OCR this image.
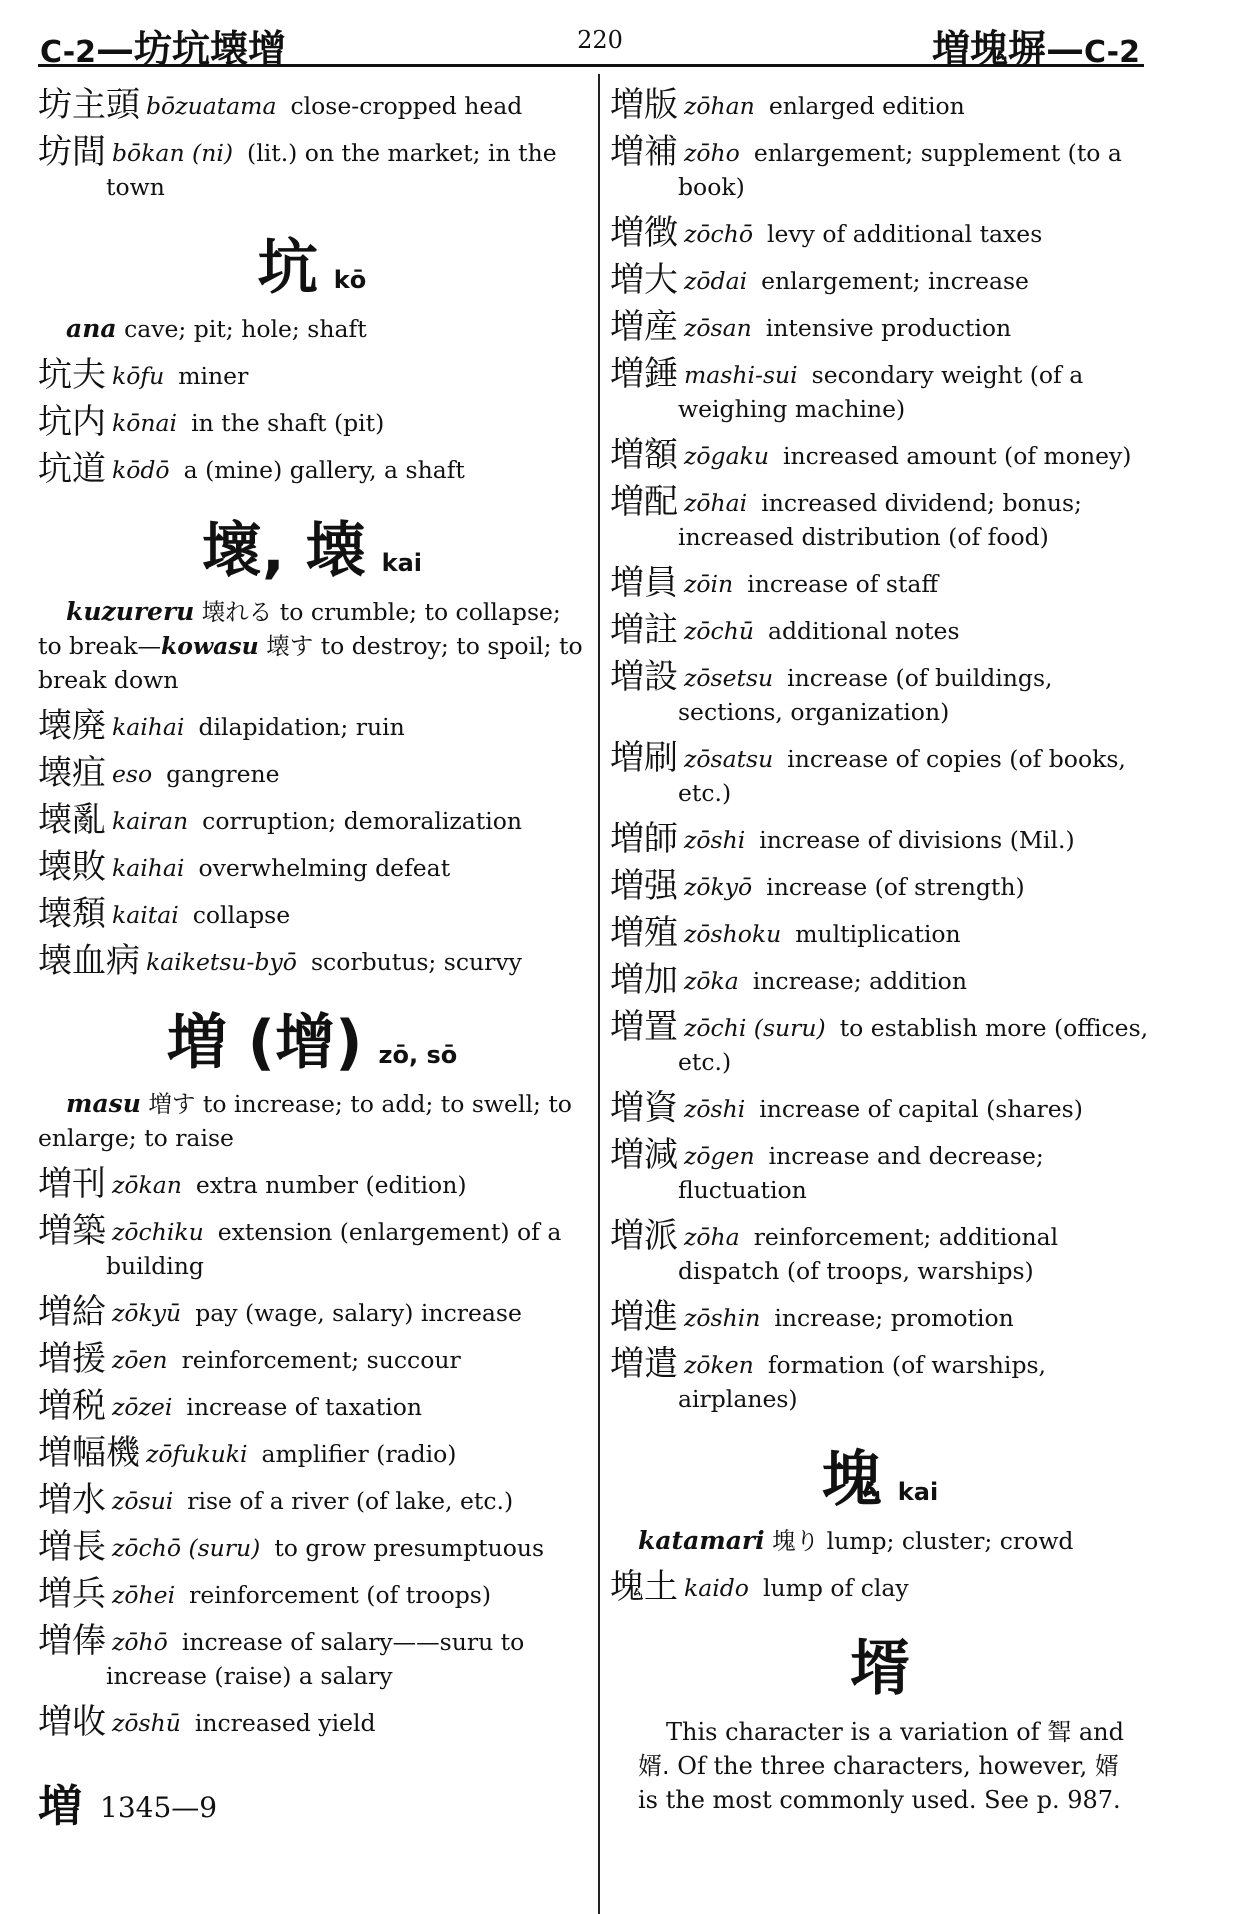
C-2—坊坑壊增	220	増塊塀—C-2
坊主頭 bōzuatama close-cropped head
坊間 bōkan (ni) (lit.) on the market; in the town
坑kō
ana cave; pit; hole; shaft
坑夫 kōfu miner
坑内 kōnai in the shaft (pit)
坑道 kōdō a (mine) gallery, a shaft
壞, 壊 kai
kuzureru 壊れる to crumble; to collapse; to break—kowasu 壊す to destroy; to spoil; to break down
壊廃 kaihai dilapidation; ruin
壊疽 eso gangrene
壊亂 kairan corruption; demoralization
壊敗 kaihai overwhelming defeat
壊頽 kaitai collapse
壊血病 kaiketsu-byō scorbutus; scurvy
増 (增) zō, sō
masu 増す to increase; to add; to swell; to enlarge; to raise
増刊 zōkan extra number (edition)
増築 zōchiku extension (enlargement) of a building
増給 zōkyū pay (wage, salary) increase
増援 zōen reinforcement; succour
増税 zōzei increase of taxation
増幅機 zōfukuki amplifier (radio)
増水 zōsui rise of a river (of lake, etc.)
増長 zōchō (suru) to grow presumptuous
増兵 zōhei reinforcement (of troops)
増俸 zōhō increase of salary——suru to increase (raise) a salary
増收 zōshū increased yield
増 1345—9
増版 zōhan enlarged edition
増補 zōho enlargement; supplement (to a book)
増徴 zōchō levy of additional taxes
増大 zōdai enlargement; increase
増産 zōsan intensive production
増錘 mashi-sui secondary weight (of a weighing machine)
増額 zōgaku increased amount (of money)
増配 zōhai increased dividend; bonus; increased distribution (of food)
増員 zōin increase of staff
増註 zōchū additional notes
増設 zōsetsu increase (of buildings, sections, organization)
増刷 zōsatsu increase of copies (of books, etc.)
増師 zōshi increase of divisions (Mil.)
増强 zōkyō increase (of strength)
増殖 zōshoku multiplication
増加 zōka increase; addition
増置 zōchi (suru) to establish more (offices, etc.)
増資 zōshi increase of capital (shares)
増減 zōgen increase and decrease; fluctuation
増派 zōha reinforcement; additional dispatch (of troops, warships)
増進 zōshin increase; promotion
増遣 zōken formation (of warships, airplanes)
塊kai
katamari 塊り lump; cluster; crowd
塊土 kaido lump of clay
壻
This character is a variation of 聟 and 婿. Of the three characters, however, 婿 is the most commonly used. See p. 987.
